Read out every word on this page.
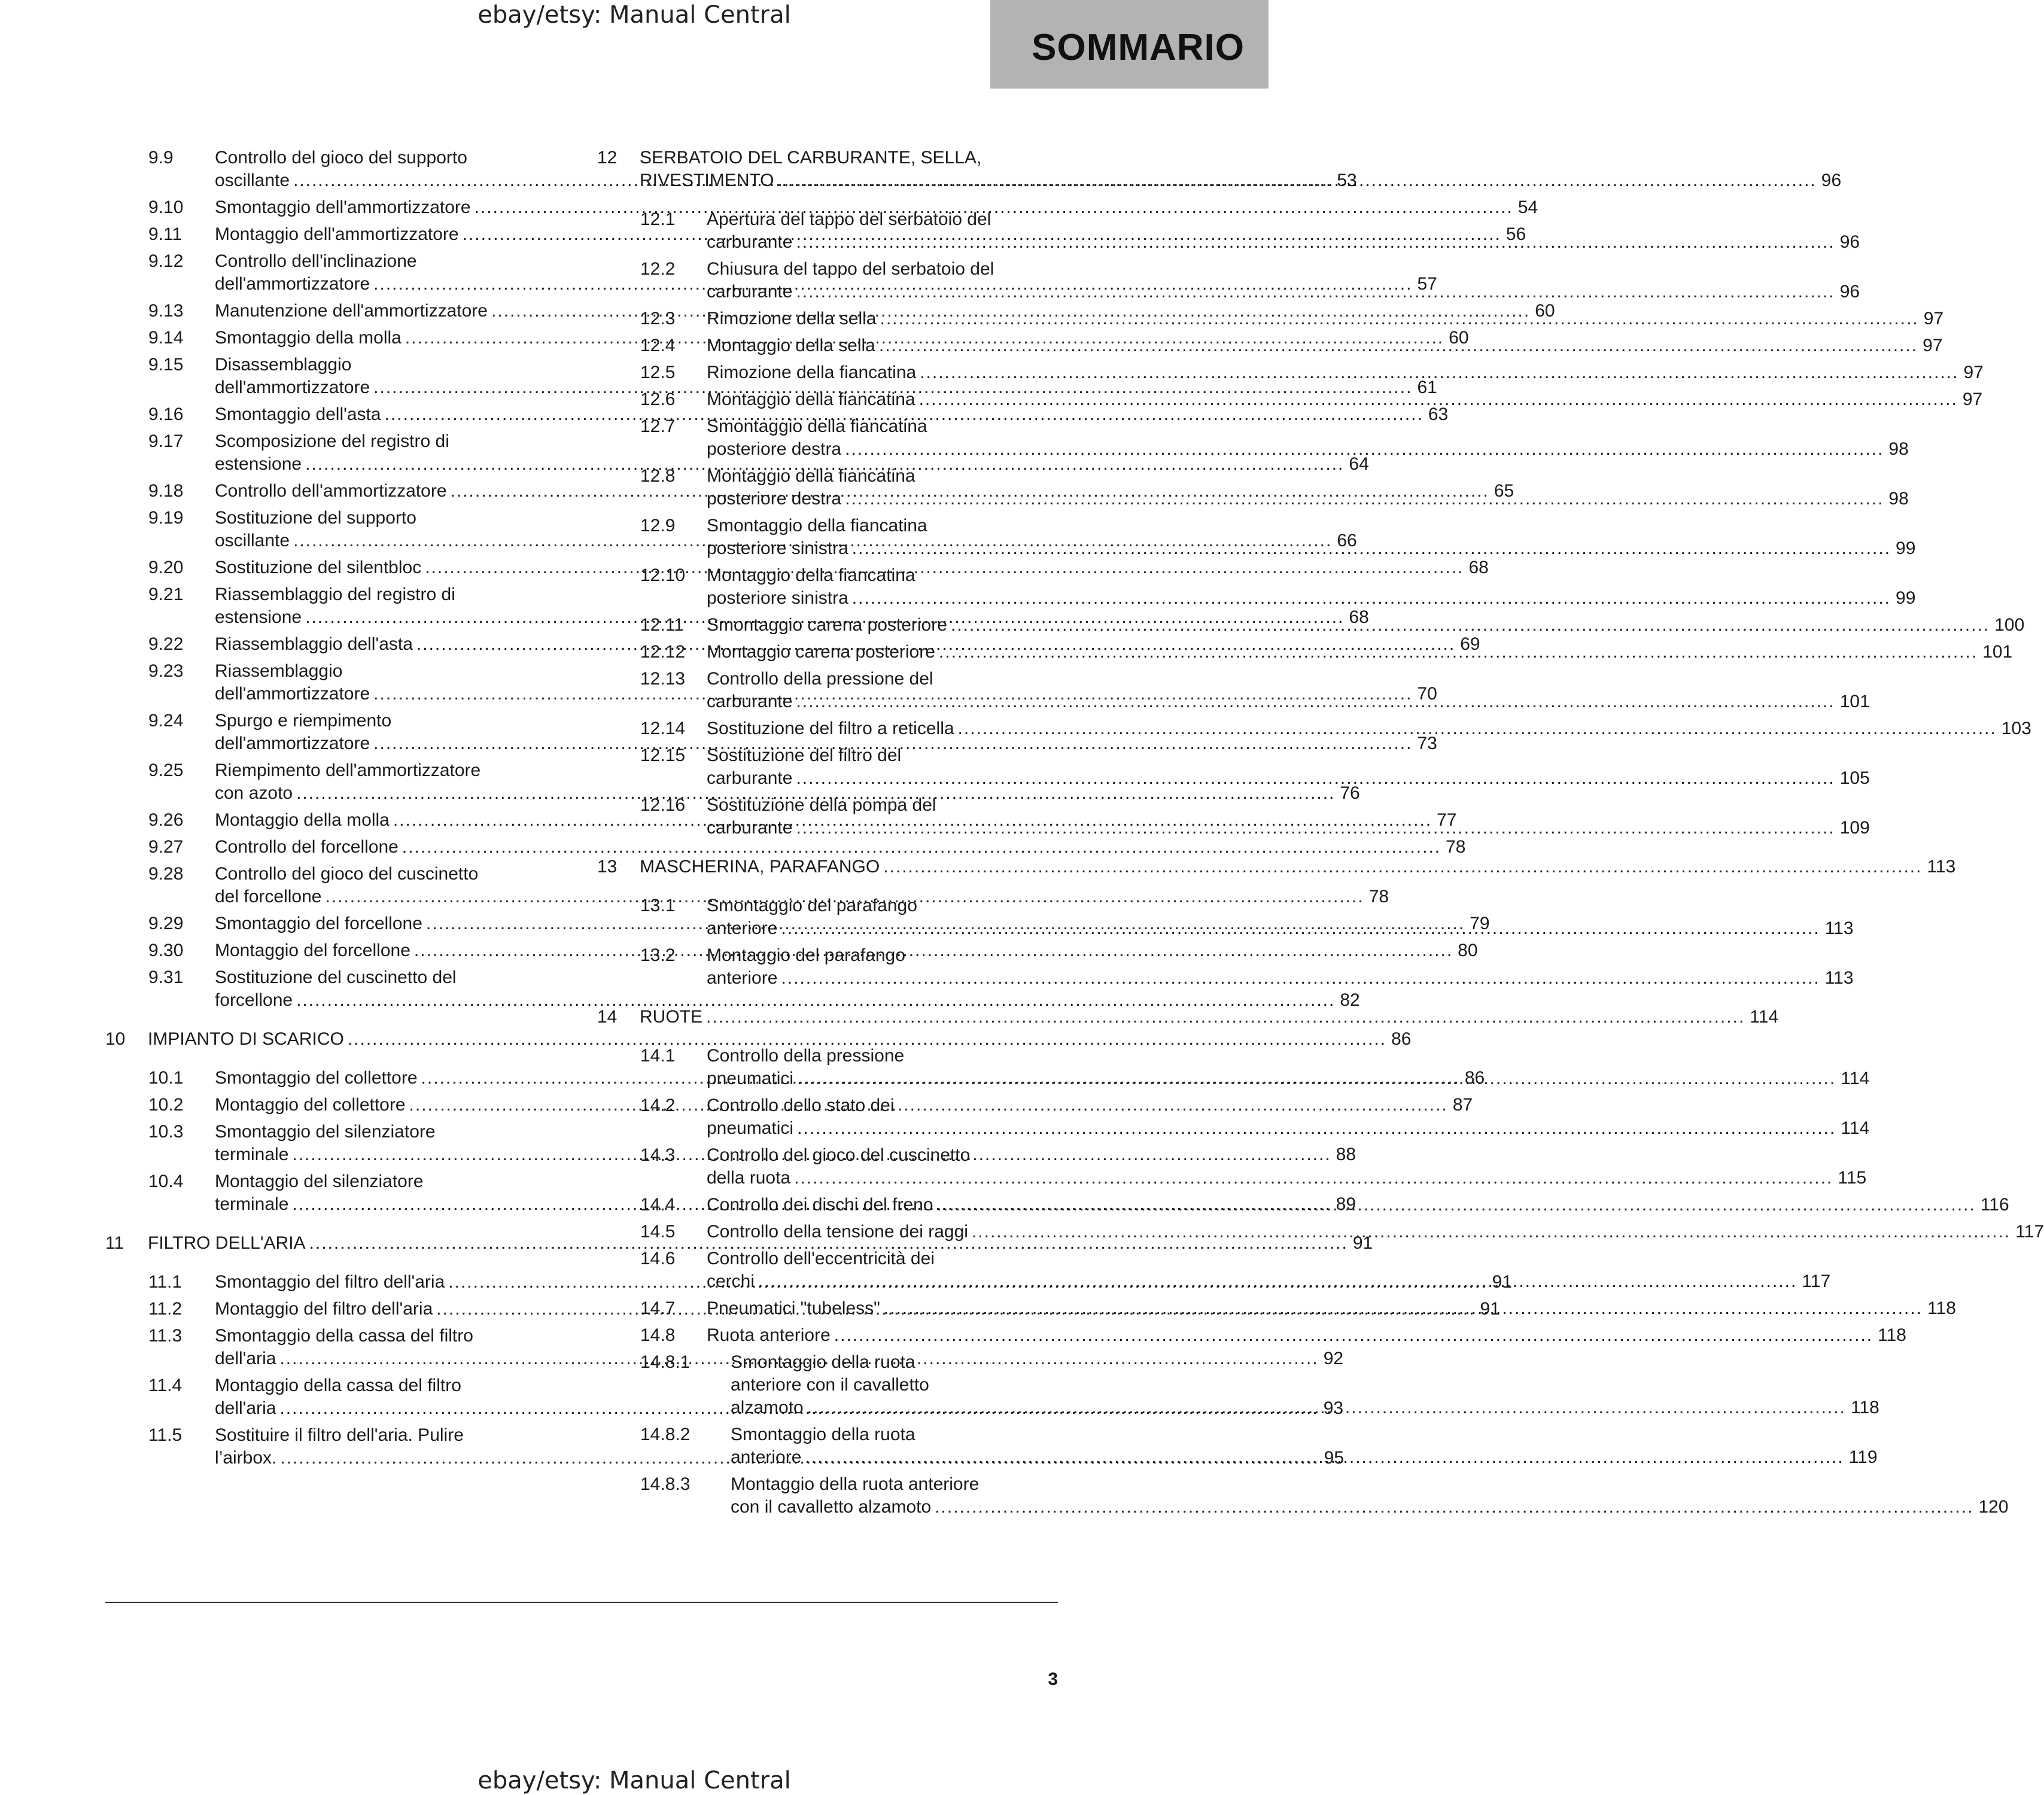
ebay/etsy: Manual Central
SOMMARIO
9.9	Controllo del gioco del supporto
oscillante .....	53
9.10	Smontaggio dell'ammortizzatore .....	54
9.11	Montaggio dell'ammortizzatore .....	56
9.12	Controllo dell'inclinazione
dell'ammortizzatore .....	57
9.13	Manutenzione dell'ammortizzatore .....	60
9.14	Smontaggio della molla .....	60
9.15	Disassemblaggio
dell'ammortizzatore .....	61
9.16	Smontaggio dell'asta .....	63
9.17	Scomposizione del registro di
estensione .....	64
9.18	Controllo dell'ammortizzatore .....	65
9.19	Sostituzione del supporto
oscillante .....	66
9.20	Sostituzione del silentbloc .....	68
9.21	Riassemblaggio del registro di
estensione .....	68
9.22	Riassemblaggio dell'asta .....	69
9.23	Riassemblaggio
dell'ammortizzatore .....	70
9.24	Spurgo e riempimento
dell'ammortizzatore .....	73
9.25	Riempimento dell'ammortizzatore
con azoto .....	76
9.26	Montaggio della molla .....	77
9.27	Controllo del forcellone .....	78
9.28	Controllo del gioco del cuscinetto
del forcellone .....	78
9.29	Smontaggio del forcellone .....	79
9.30	Montaggio del forcellone .....	80
9.31	Sostituzione del cuscinetto del
forcellone .....	82
10	IMPIANTO DI SCARICO .....	86
10.1	Smontaggio del collettore .....	86
10.2	Montaggio del collettore .....	87
10.3	Smontaggio del silenziatore
terminale .....	88
10.4	Montaggio del silenziatore
terminale .....	89
11	FILTRO DELL'ARIA .....	91
11.1	Smontaggio del filtro dell'aria .....	91
11.2	Montaggio del filtro dell'aria .....	91
11.3	Smontaggio della cassa del filtro
dell'aria .....	92
11.4	Montaggio della cassa del filtro
dell'aria .....	93
11.5	Sostituire il filtro dell'aria. Pulire
l’airbox. .....	95
12	SERBATOIO DEL CARBURANTE, SELLA,
RIVESTIMENTO .....	96
12.1	Apertura del tappo del serbatoio del
carburante .....	96
12.2	Chiusura del tappo del serbatoio del
carburante .....	96
12.3	Rimozione della sella .....	97
12.4	Montaggio della sella .....	97
12.5	Rimozione della fiancatina .....	97
12.6	Montaggio della fiancatina .....	97
12.7	Smontaggio della fiancatina
posteriore destra .....	98
12.8	Montaggio della fiancatina
posteriore destra .....	98
12.9	Smontaggio della fiancatina
posteriore sinistra .....	99
12.10	Montaggio della fiancatina
posteriore sinistra .....	99
12.11	Smontaggio carena posteriore .....	100
12.12	Montaggio carena posteriore .....	101
12.13	Controllo della pressione del
carburante .....	101
12.14	Sostituzione del filtro a reticella .....	103
12.15	Sostituzione del filtro del
carburante .....	105
12.16	Sostituzione della pompa del
carburante .....	109
13	MASCHERINA, PARAFANGO .....	113
13.1	Smontaggio del parafango
anteriore .....	113
13.2	Montaggio del parafango
anteriore .....	113
14	RUOTE .....	114
14.1	Controllo della pressione
pneumatici .....	114
14.2	Controllo dello stato dei
pneumatici .....	114
14.3	Controllo del gioco del cuscinetto
della ruota .....	115
14.4	Controllo dei dischi del freno .....	116
14.5	Controllo della tensione dei raggi .....	117
14.6	Controllo dell'eccentricità dei
cerchi .....	117
14.7	Pneumatici "tubeless" .....	118
14.8	Ruota anteriore .....	118
14.8.1	Smontaggio della ruota
anteriore con il cavalletto
alzamoto .....	118
14.8.2	Smontaggio della ruota
anteriore .....	119
14.8.3	Montaggio della ruota anteriore
con il cavalletto alzamoto .....	120
3
ebay/etsy: Manual Central
